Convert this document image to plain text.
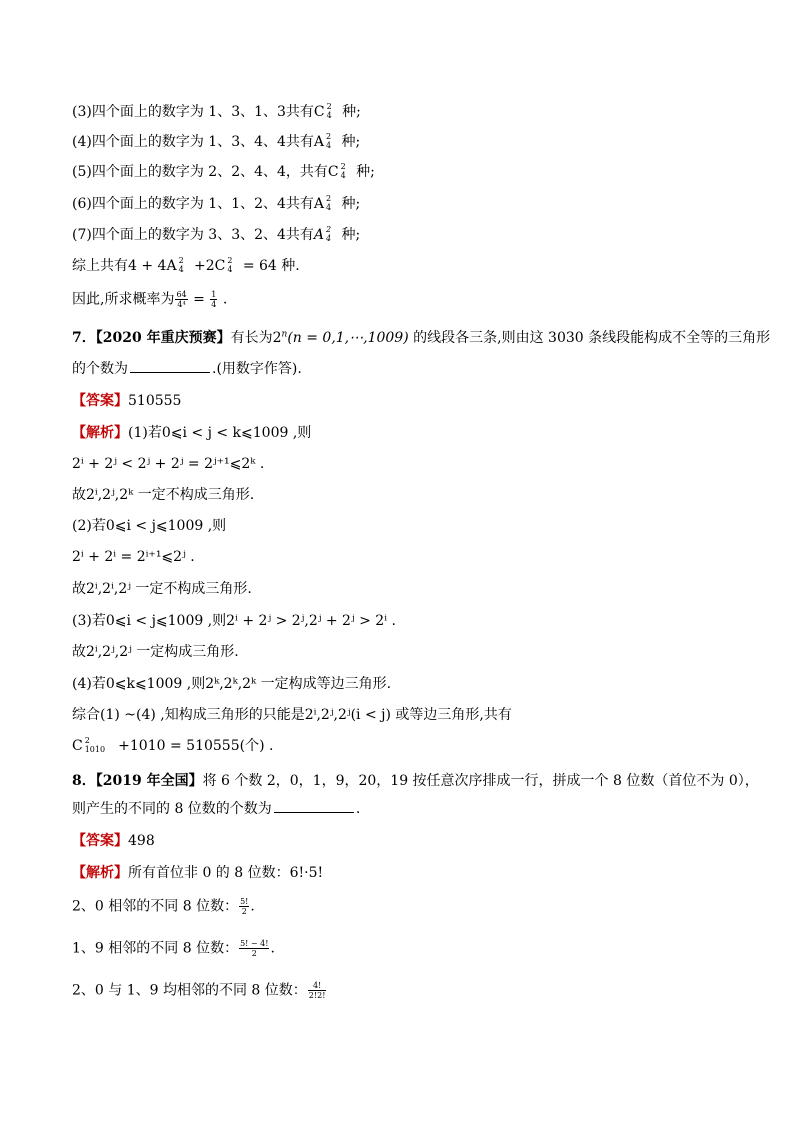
(3)四个面上的数字为 1、3、1、3共有C 2
4 种;
(4)四个面上的数字为 1、3、4、4共有A 2
4 种;
(5)四个面上的数字为 2、2、4、4，共有C 2
4 种;
(6)四个面上的数字为 1、1、2、4共有A 2
4 种;
(7)四个面上的数字为 3、3、2、4共有A 2
4 种;
综上共有4 + 4A 2
4 +2C 2
4 = 64 种.
因此,所求概率为 $\frac{64}{\text{4⁴}} = \frac{1}{4}$ .
7．【2020 年重庆预赛】有长为$2^n(n$ = 0,1,⋯,1009) 的线段各三条,则由这 3030 条线段能构成不全等的三角形
的个数为	.(用数字作答).
【答案】510555
【解析】(1)若0⩽i < j < k⩽1009 ,则
2ⁱ + 2ʲ < 2ʲ + 2ʲ = 2ʲ⁺¹⩽2ᵏ .
故2ⁱ,2ʲ,2ᵏ 一定不构成三角形.
(2)若0⩽i < j⩽1009 ,则
2ⁱ + 2ⁱ = 2ⁱ⁺¹⩽2ʲ .
故2ⁱ,2ⁱ,2ʲ 一定不构成三角形.
(3)若0⩽i < j⩽1009 ,则2ⁱ + 2ʲ > 2ʲ,2ʲ + 2ʲ > 2ⁱ .
故2ⁱ,2ʲ,2ʲ 一定构成三角形.
(4)若0⩽k⩽1009 ,则2ᵏ,2ᵏ,2ᵏ 一定构成等边三角形.
综合(1) ~(4) ,知构成三角形的只能是2ⁱ,2ʲ,2ʲ(i < j) 或等边三角形,共有
C 2
1010 +1010 = 510555(个) .
8．【2019 年全国】将 6 个数 2，0，1，9，20，19 按任意次序排成一行，拼成一个 8 位数（首位不为 0），
则产生的不同的 8 位数的个数为	.
【答案】498
【解析】所有首位非 0 的 8 位数：6!·5!
2、0 相邻的不同 8 位数： $\frac{5!}{2}$ .
1、9 相邻的不同 8 位数： $\frac{5! - 4!}{2}$ .
2、0 与 1、9 均相邻的不同 8 位数： $\frac{4!}{2!2!}$
